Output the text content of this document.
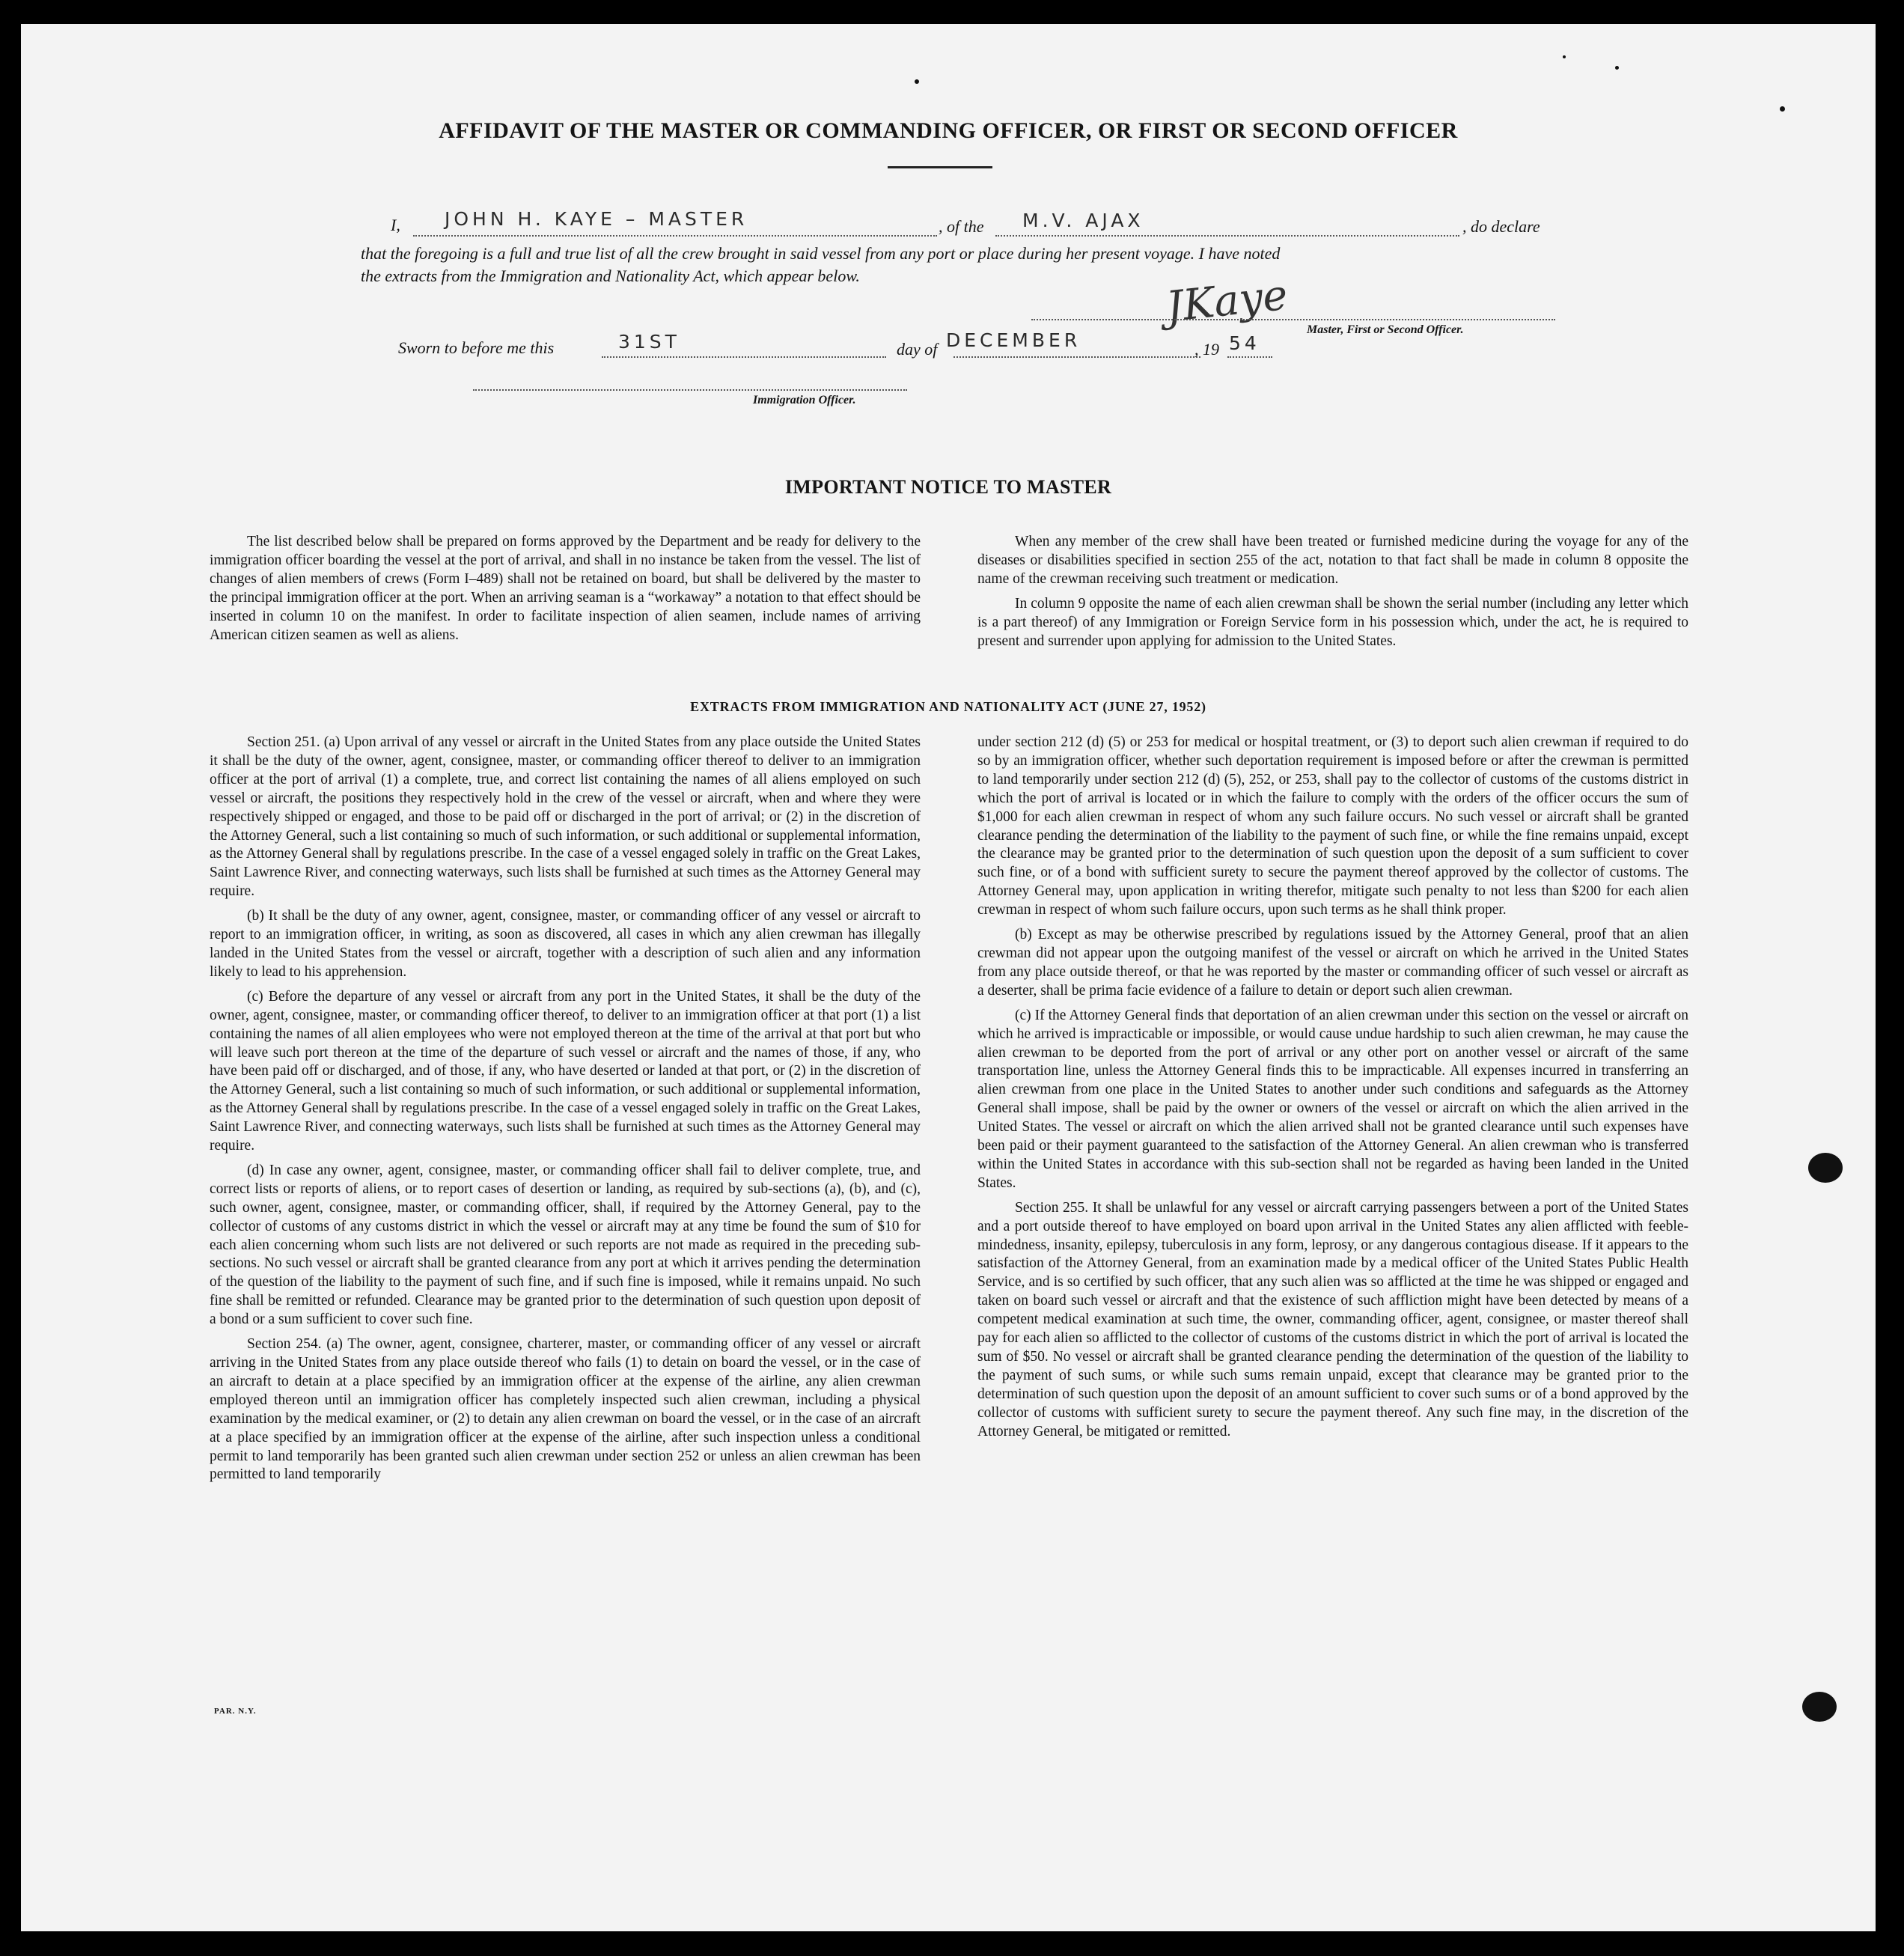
AFFIDAVIT OF THE MASTER OR COMMANDING OFFICER, OR FIRST OR SECOND OFFICER
I, JOHN H. KAYE – MASTER	, of the M.V. AJAX	, do declare
that the foregoing is a full and true list of all the crew brought in said vessel from any port or place during her present voyage. I have noted
the extracts from the Immigration and Nationality Act, which appear below.	JKaye Master, First or Second Officer.
Sworn to before me this	31ST	day of DECEMBER	, 19 54
Immigration Officer.
IMPORTANT NOTICE TO MASTER

The list described below shall be prepared on forms approved by the Department and be ready for delivery to the immigration officer boarding the vessel at the port of arrival, and shall in no instance be taken from the vessel. The list of changes of alien members of crews (Form I–489) shall not be retained on board, but shall be delivered by the master to the principal immigration officer at the port. When an arriving seaman is a “workaway” a notation to that effect should be inserted in column 10 on the manifest. In order to facilitate inspection of alien seamen, include names of arriving American citizen seamen as well as aliens.

When any member of the crew shall have been treated or furnished medicine during the voyage for any of the diseases or disabilities specified in section 255 of the act, notation to that fact shall be made in column 8 opposite the name of the crewman receiving such treatment or medication.

In column 9 opposite the name of each alien crewman shall be shown the serial number (including any letter which is a part thereof) of any Immigration or Foreign Service form in his possession which, under the act, he is required to present and surrender upon applying for admission to the United States.

EXTRACTS FROM IMMIGRATION AND NATIONALITY ACT (JUNE 27, 1952)

Section 251. (a) Upon arrival of any vessel or aircraft in the United States from any place outside the United States it shall be the duty of the owner, agent, consignee, master, or commanding officer thereof to deliver to an immigration officer at the port of arrival (1) a complete, true, and correct list containing the names of all aliens employed on such vessel or aircraft, the positions they respectively hold in the crew of the vessel or aircraft, when and where they were respectively shipped or engaged, and those to be paid off or discharged in the port of arrival; or (2) in the discretion of the Attorney General, such a list containing so much of such information, or such additional or supplemental information, as the Attorney General shall by regulations prescribe. In the case of a vessel engaged solely in traffic on the Great Lakes, Saint Lawrence River, and connecting waterways, such lists shall be furnished at such times as the Attorney General may require.

(b) It shall be the duty of any owner, agent, consignee, master, or commanding officer of any vessel or aircraft to report to an immigration officer, in writing, as soon as discovered, all cases in which any alien crewman has illegally landed in the United States from the vessel or aircraft, together with a description of such alien and any information likely to lead to his apprehension.

(c) Before the departure of any vessel or aircraft from any port in the United States, it shall be the duty of the owner, agent, consignee, master, or commanding officer thereof, to deliver to an immigration officer at that port (1) a list containing the names of all alien employees who were not employed thereon at the time of the arrival at that port but who will leave such port thereon at the time of the departure of such vessel or aircraft and the names of those, if any, who have been paid off or discharged, and of those, if any, who have deserted or landed at that port, or (2) in the discretion of the Attorney General, such a list containing so much of such information, or such additional or supplemental information, as the Attorney General shall by regulations prescribe. In the case of a vessel engaged solely in traffic on the Great Lakes, Saint Lawrence River, and connecting waterways, such lists shall be furnished at such times as the Attorney General may require.

(d) In case any owner, agent, consignee, master, or commanding officer shall fail to deliver complete, true, and correct lists or reports of aliens, or to report cases of desertion or landing, as required by sub-sections (a), (b), and (c), such owner, agent, consignee, master, or commanding officer, shall, if required by the Attorney General, pay to the collector of customs of any customs district in which the vessel or aircraft may at any time be found the sum of $10 for each alien concerning whom such lists are not delivered or such reports are not made as required in the preceding sub-sections. No such vessel or aircraft shall be granted clearance from any port at which it arrives pending the determination of the question of the liability to the payment of such fine, and if such fine is imposed, while it remains unpaid. No such fine shall be remitted or refunded. Clearance may be granted prior to the determination of such question upon deposit of a bond or a sum sufficient to cover such fine.

Section 254. (a) The owner, agent, consignee, charterer, master, or commanding officer of any vessel or aircraft arriving in the United States from any place outside thereof who fails (1) to detain on board the vessel, or in the case of an aircraft to detain at a place specified by an immigration officer at the expense of the airline, any alien crewman employed thereon until an immigration officer has completely inspected such alien crewman, including a physical examination by the medical examiner, or (2) to detain any alien crewman on board the vessel, or in the case of an aircraft at a place specified by an immigration officer at the expense of the airline, after such inspection unless a conditional permit to land temporarily has been granted such alien crewman under section 252 or unless an alien crewman has been permitted to land temporarily

under section 212 (d) (5) or 253 for medical or hospital treatment, or (3) to deport such alien crewman if required to do so by an immigration officer, whether such deportation requirement is imposed before or after the crewman is permitted to land temporarily under section 212 (d) (5), 252, or 253, shall pay to the collector of customs of the customs district in which the port of arrival is located or in which the failure to comply with the orders of the officer occurs the sum of $1,000 for each alien crewman in respect of whom any such failure occurs. No such vessel or aircraft shall be granted clearance pending the determination of the liability to the payment of such fine, or while the fine remains unpaid, except the clearance may be granted prior to the determination of such question upon the deposit of a sum sufficient to cover such fine, or of a bond with sufficient surety to secure the payment thereof approved by the collector of customs. The Attorney General may, upon application in writing therefor, mitigate such penalty to not less than $200 for each alien crewman in respect of whom such failure occurs, upon such terms as he shall think proper.

(b) Except as may be otherwise prescribed by regulations issued by the Attorney General, proof that an alien crewman did not appear upon the outgoing manifest of the vessel or aircraft on which he arrived in the United States from any place outside thereof, or that he was reported by the master or commanding officer of such vessel or aircraft as a deserter, shall be prima facie evidence of a failure to detain or deport such alien crewman.

(c) If the Attorney General finds that deportation of an alien crewman under this section on the vessel or aircraft on which he arrived is impracticable or impossible, or would cause undue hardship to such alien crewman, he may cause the alien crewman to be deported from the port of arrival or any other port on another vessel or aircraft of the same transportation line, unless the Attorney General finds this to be impracticable. All expenses incurred in transferring an alien crewman from one place in the United States to another under such conditions and safeguards as the Attorney General shall impose, shall be paid by the owner or owners of the vessel or aircraft on which the alien arrived in the United States. The vessel or aircraft on which the alien arrived shall not be granted clearance until such expenses have been paid or their payment guaranteed to the satisfaction of the Attorney General. An alien crewman who is transferred within the United States in accordance with this sub-section shall not be regarded as having been landed in the United States.

Section 255. It shall be unlawful for any vessel or aircraft carrying passengers between a port of the United States and a port outside thereof to have employed on board upon arrival in the United States any alien afflicted with feeble-mindedness, insanity, epilepsy, tuberculosis in any form, leprosy, or any dangerous contagious disease. If it appears to the satisfaction of the Attorney General, from an examination made by a medical officer of the United States Public Health Service, and is so certified by such officer, that any such alien was so afflicted at the time he was shipped or engaged and taken on board such vessel or aircraft and that the existence of such affliction might have been detected by means of a competent medical examination at such time, the owner, commanding officer, agent, consignee, or master thereof shall pay for each alien so afflicted to the collector of customs of the customs district in which the port of arrival is located the sum of $50. No vessel or aircraft shall be granted clearance pending the determination of the question of the liability to the payment of such sums, or while such sums remain unpaid, except that clearance may be granted prior to the determination of such question upon the deposit of an amount sufficient to cover such sums or of a bond approved by the collector of customs with sufficient surety to secure the payment thereof. Any such fine may, in the discretion of the Attorney General, be mitigated or remitted.

PAR. N.Y.
